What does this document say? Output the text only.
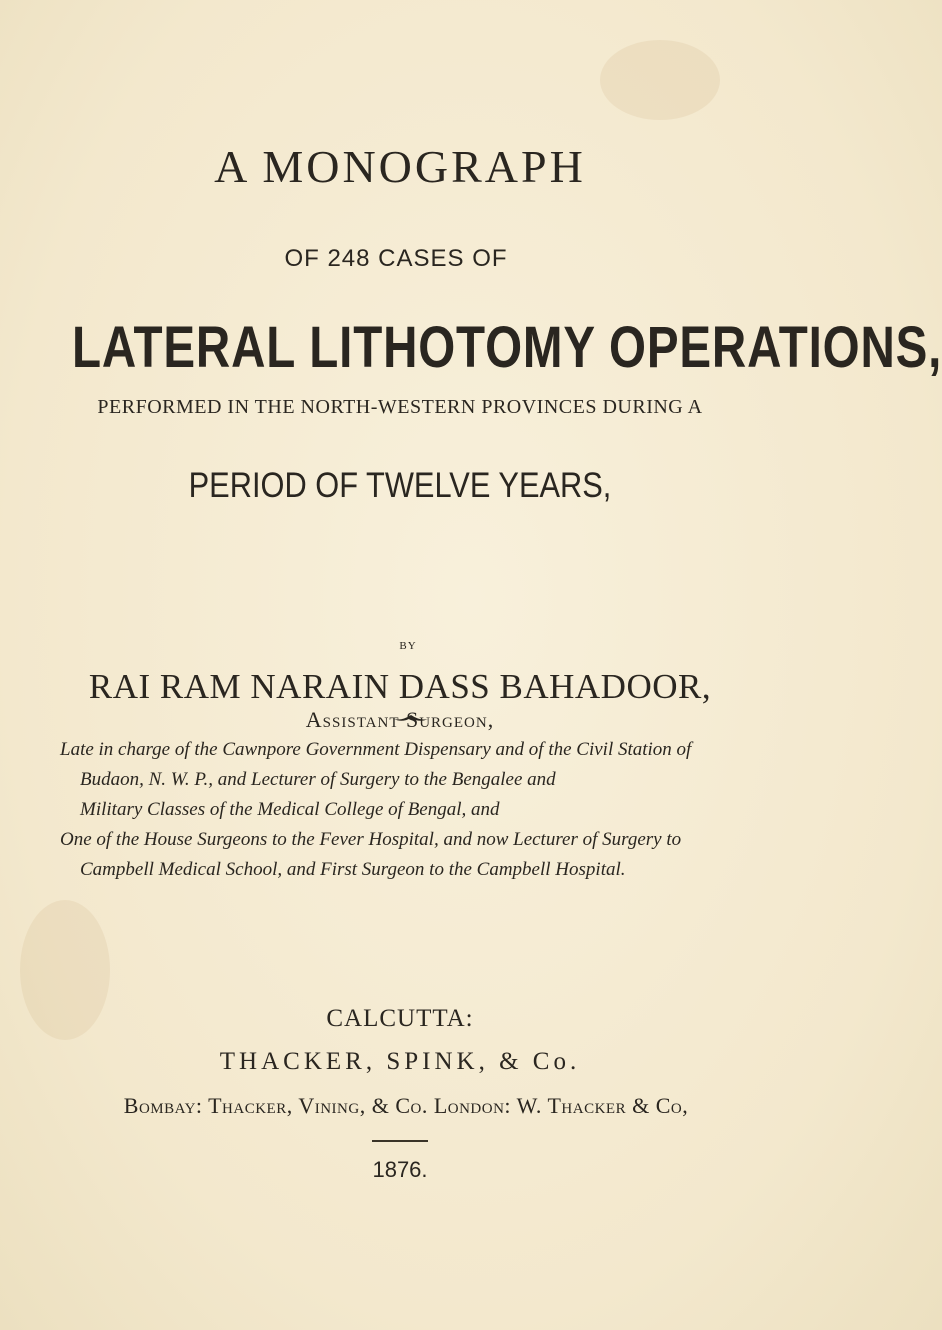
A MONOGRAPH
OF 248 CASES OF
LATERAL LITHOTOMY OPERATIONS,
PERFORMED IN THE NORTH-WESTERN PROVINCES DURING A
PERIOD OF TWELVE YEARS,
BY
RAI RAM NARAIN DASS BAHADOOR,
Assistant Surgeon,
Late in charge of the Cawnpore Government Dispensary and of the Civil Station of
Budaon, N. W. P., and Lecturer of Surgery to the Bengalee and
Military Classes of the Medical College of Bengal, and
One of the House Surgeons to the Fever Hospital, and now Lecturer of Surgery to
Campbell Medical School, and First Surgeon to the Campbell Hospital.
CALCUTTA:
THACKER, SPINK, & Co.
Bombay: Thacker, Vining, & Co. London: W. Thacker & Co,
1876.
